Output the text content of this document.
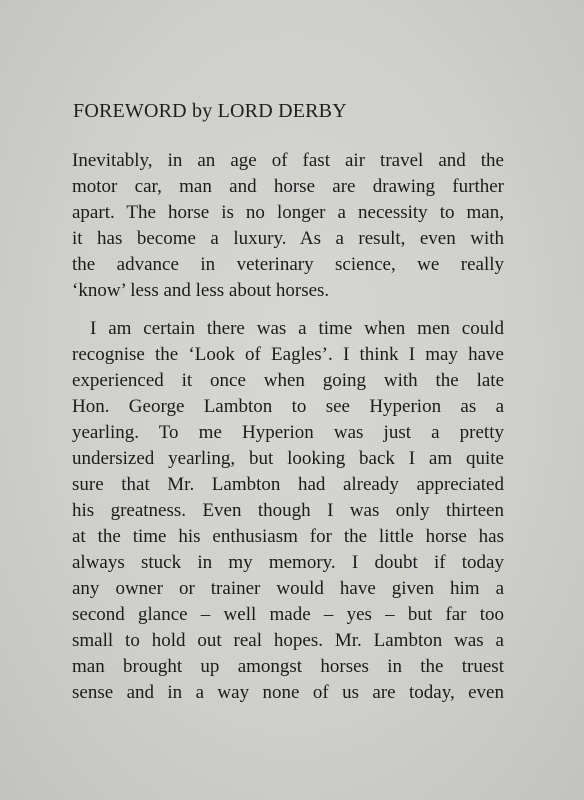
FOREWORD by LORD DERBY
Inevitably, in an age of fast air travel and the
motor car, man and horse are drawing further
apart. The horse is no longer a necessity to man,
it has become a luxury. As a result, even with
the advance in veterinary science, we really
‘know’ less and less about horses.
I am certain there was a time when men could
recognise the ‘Look of Eagles’. I think I may have
experienced it once when going with the late
Hon. George Lambton to see Hyperion as a
yearling. To me Hyperion was just a pretty
undersized yearling, but looking back I am quite
sure that Mr. Lambton had already appreciated
his greatness. Even though I was only thirteen
at the time his enthusiasm for the little horse has
always stuck in my memory. I doubt if today
any owner or trainer would have given him a
second glance – well made – yes – but far too
small to hold out real hopes. Mr. Lambton was a
man brought up amongst horses in the truest
sense and in a way none of us are today, even
